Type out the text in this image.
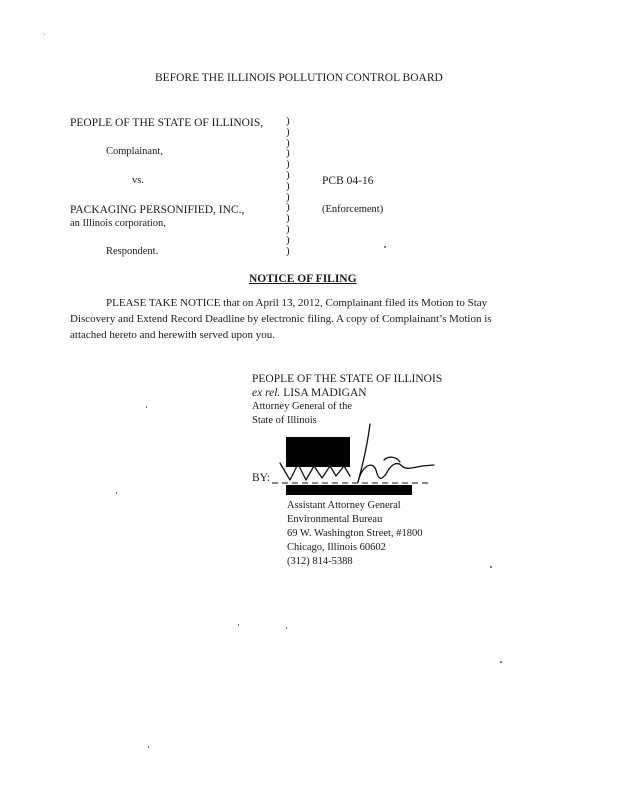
BEFORE THE ILLINOIS POLLUTION CONTROL BOARD
PEOPLE OF THE STATE OF ILLINOIS,
Complainant,
vs.
PACKAGING PERSONIFIED, INC.,
an Illinois corporation,
Respondent.
)
)
)
)
)
)
)
)
)
)
)
)
)
PCB 04-16
(Enforcement)
NOTICE OF FILING
PLEASE TAKE NOTICE that on April 13, 2012, Complainant filed its Motion to Stay
Discovery and Extend Record Deadline by electronic filing. A copy of Complainant’s Motion is
attached hereto and herewith served upon you.
PEOPLE OF THE STATE OF ILLINOIS
ex rel. LISA MADIGAN
Attorney General of the
State of Illinois
BY:
Assistant Attorney General
Environmental Bureau
69 W. Washington Street, #1800
Chicago, Illinois 60602
(312) 814-5388
